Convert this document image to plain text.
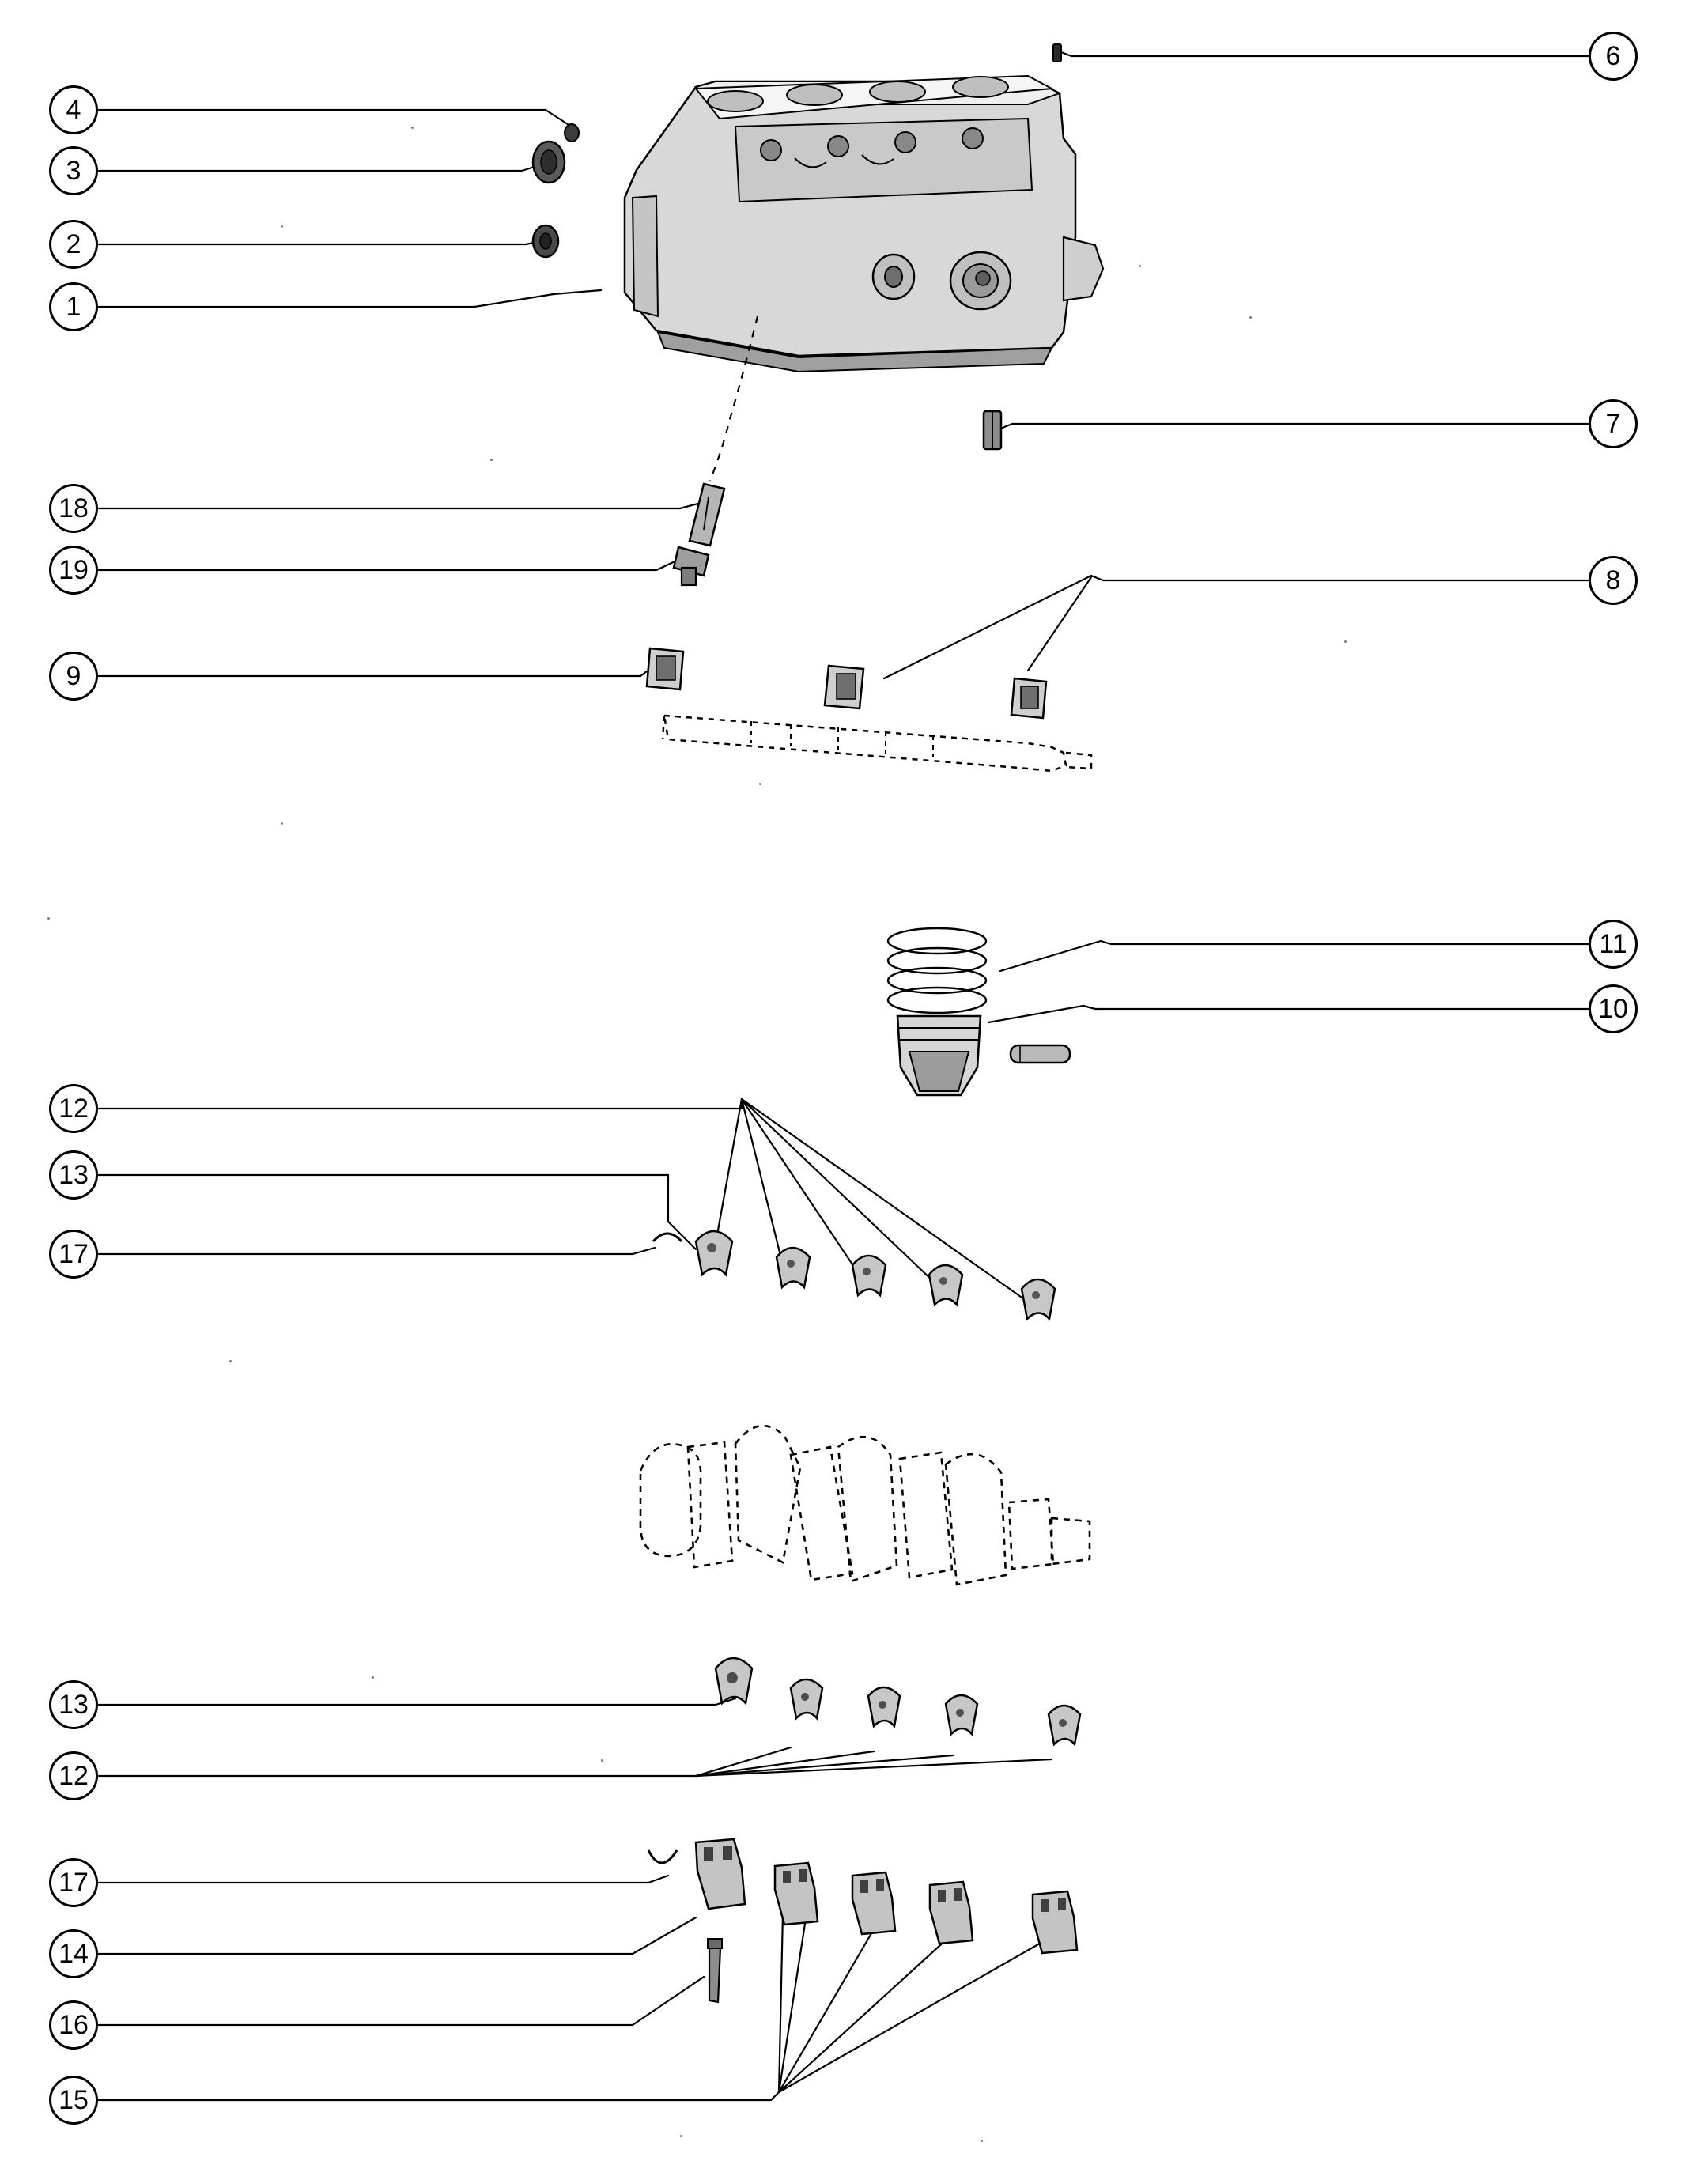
6
4
3
2
1
7
18
19	8
9
11
10
12
13
17
13
12
17
14
16
15
